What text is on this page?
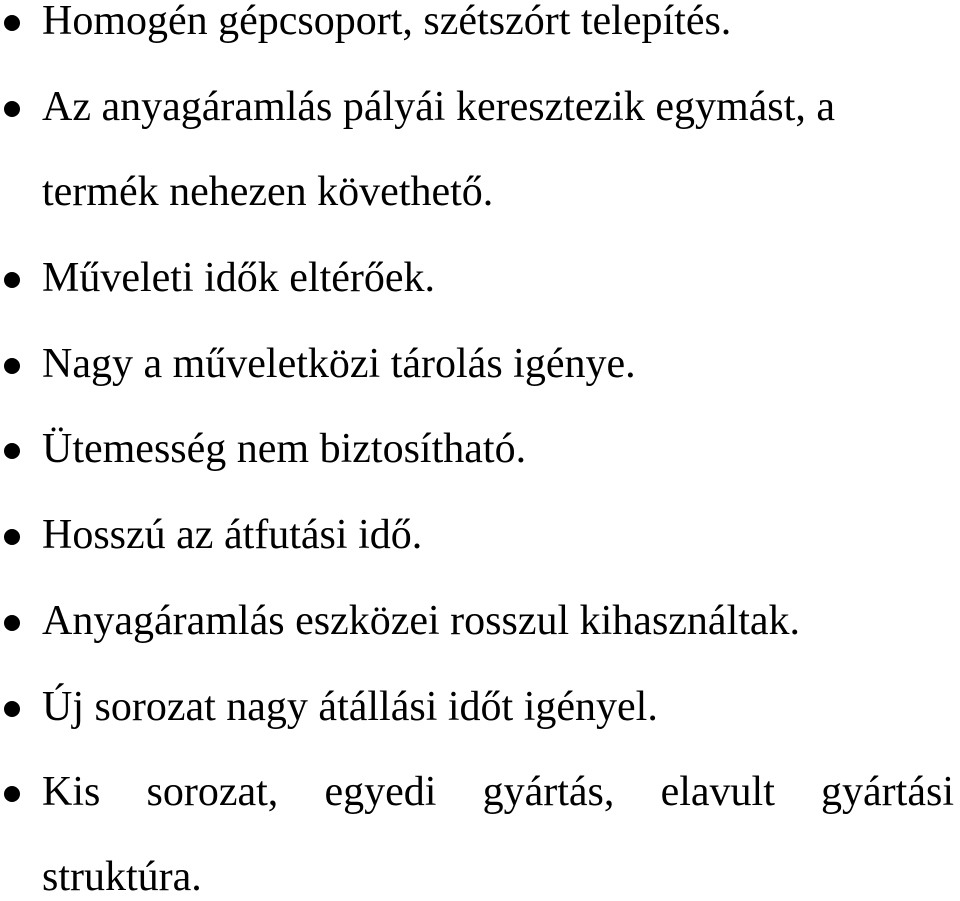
Homogén gépcsoport, szétszórt telepítés.
Az anyagáramlás pályái keresztezik egymást, a
termék nehezen követhető.
Műveleti idők eltérőek.
Nagy a műveletközi tárolás igénye.
Ütemesség nem biztosítható.
Hosszú az átfutási idő.
Anyagáramlás eszközei rosszul kihasználtak.
Új sorozat nagy átállási időt igényel.
Kis sorozat, egyedi gyártás, elavult gyártási
struktúra.
